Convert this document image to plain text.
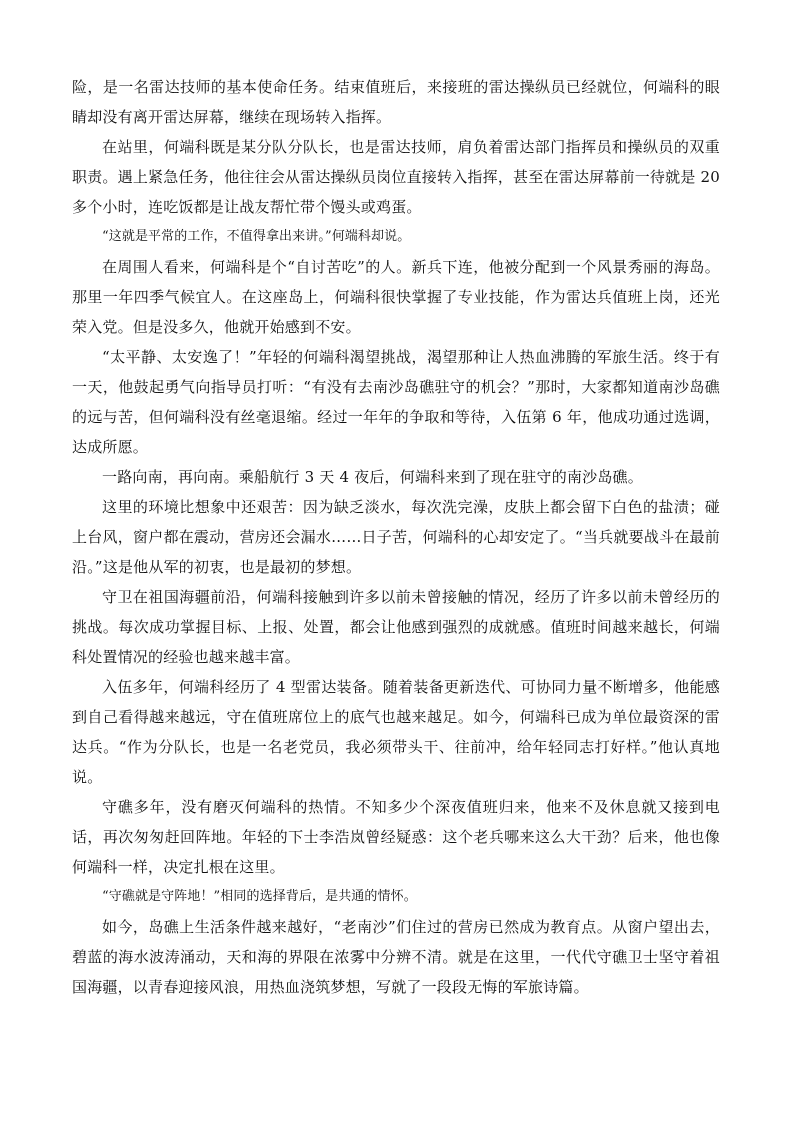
险，是一名雷达技师的基本使命任务。结束值班后，来接班的雷达操纵员已经就位，何端科的眼睛却没有离开雷达屏幕，继续在现场转入指挥。

在站里，何端科既是某分队分队长，也是雷达技师，肩负着雷达部门指挥员和操纵员的双重职责。遇上紧急任务，他往往会从雷达操纵员岗位直接转入指挥，甚至在雷达屏幕前一待就是 20 多个小时，连吃饭都是让战友帮忙带个馒头或鸡蛋。

“这就是平常的工作，不值得拿出来讲。”何端科却说。

在周围人看来，何端科是个“自讨苦吃”的人。新兵下连，他被分配到一个风景秀丽的海岛。那里一年四季气候宜人。在这座岛上，何端科很快掌握了专业技能，作为雷达兵值班上岗，还光荣入党。但是没多久，他就开始感到不安。

“太平静、太安逸了！”年轻的何端科渴望挑战，渴望那种让人热血沸腾的军旅生活。终于有一天，他鼓起勇气向指导员打听：“有没有去南沙岛礁驻守的机会？”那时，大家都知道南沙岛礁的远与苦，但何端科没有丝毫退缩。经过一年年的争取和等待，入伍第 6 年，他成功通过选调，达成所愿。

一路向南，再向南。乘船航行 3 天 4 夜后，何端科来到了现在驻守的南沙岛礁。

这里的环境比想象中还艰苦：因为缺乏淡水，每次洗完澡，皮肤上都会留下白色的盐渍；碰上台风，窗户都在震动，营房还会漏水……日子苦，何端科的心却安定了。“当兵就要战斗在最前沿。”这是他从军的初衷，也是最初的梦想。

守卫在祖国海疆前沿，何端科接触到许多以前未曾接触的情况，经历了许多以前未曾经历的挑战。每次成功掌握目标、上报、处置，都会让他感到强烈的成就感。值班时间越来越长，何端科处置情况的经验也越来越丰富。

入伍多年，何端科经历了 4 型雷达装备。随着装备更新迭代、可协同力量不断增多，他能感到自己看得越来越远，守在值班席位上的底气也越来越足。如今，何端科已成为单位最资深的雷达兵。“作为分队长，也是一名老党员，我必须带头干、往前冲，给年轻同志打好样。”他认真地说。

守礁多年，没有磨灭何端科的热情。不知多少个深夜值班归来，他来不及休息就又接到电话，再次匆匆赶回阵地。年轻的下士李浩岚曾经疑惑：这个老兵哪来这么大干劲？后来，他也像何端科一样，决定扎根在这里。

“守礁就是守阵地！”相同的选择背后，是共通的情怀。

如今，岛礁上生活条件越来越好，“老南沙”们住过的营房已然成为教育点。从窗户望出去，碧蓝的海水波涛涌动，天和海的界限在浓雾中分辨不清。就是在这里，一代代守礁卫士坚守着祖国海疆，以青春迎接风浪，用热血浇筑梦想，写就了一段段无悔的军旅诗篇。
